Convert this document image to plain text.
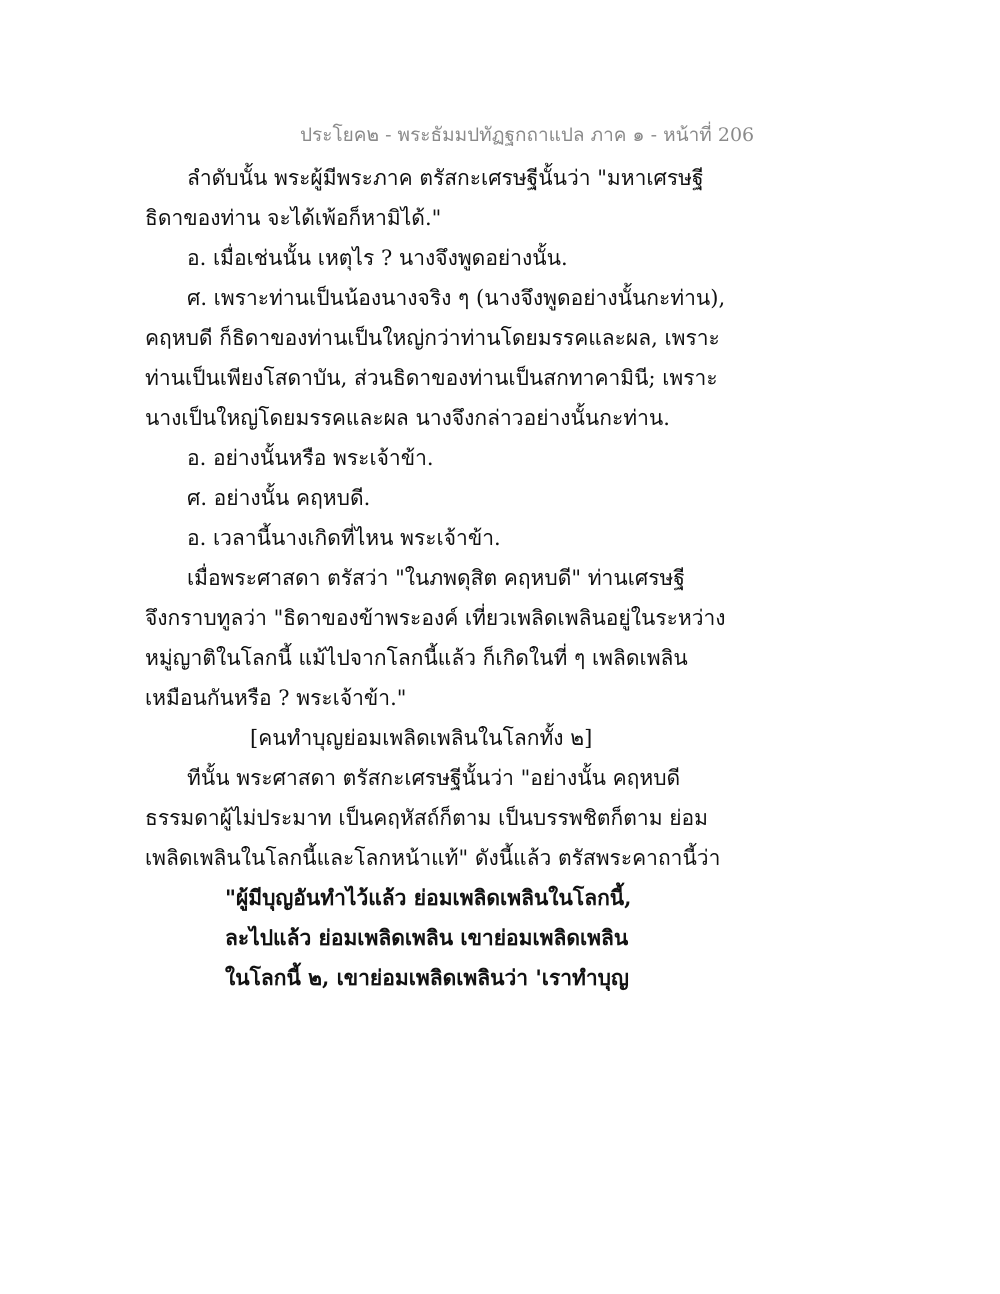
ประโยค๒ - พระธัมมปทัฏฐกถาแปล ภาค ๑ - หน้าที่ 206
ลำดับนั้น พระผู้มีพระภาค ตรัสกะเศรษฐีนั้นว่า "มหาเศรษฐี
ธิดาของท่าน จะได้เพ้อก็หามิได้."
อ. เมื่อเช่นนั้น เหตุไร ? นางจึงพูดอย่างนั้น.
ศ. เพราะท่านเป็นน้องนางจริง ๆ (นางจึงพูดอย่างนั้นกะท่าน),
คฤหบดี ก็ธิดาของท่านเป็นใหญ่กว่าท่านโดยมรรคและผล, เพราะ
ท่านเป็นเพียงโสดาบัน, ส่วนธิดาของท่านเป็นสกทาคามินี; เพราะ
นางเป็นใหญ่โดยมรรคและผล นางจึงกล่าวอย่างนั้นกะท่าน.
อ. อย่างนั้นหรือ พระเจ้าข้า.
ศ. อย่างนั้น คฤหบดี.
อ. เวลานี้นางเกิดที่ไหน พระเจ้าข้า.
เมื่อพระศาสดา ตรัสว่า "ในภพดุสิต คฤหบดี" ท่านเศรษฐี
จึงกราบทูลว่า "ธิดาของข้าพระองค์ เที่ยวเพลิดเพลินอยู่ในระหว่าง
หมู่ญาติในโลกนี้ แม้ไปจากโลกนี้แล้ว ก็เกิดในที่ ๆ เพลิดเพลิน
เหมือนกันหรือ ? พระเจ้าข้า."
[คนทำบุญย่อมเพลิดเพลินในโลกทั้ง ๒]
ทีนั้น พระศาสดา ตรัสกะเศรษฐีนั้นว่า "อย่างนั้น คฤหบดี
ธรรมดาผู้ไม่ประมาท เป็นคฤหัสถ์ก็ตาม เป็นบรรพชิตก็ตาม ย่อม
เพลิดเพลินในโลกนี้และโลกหน้าแท้" ดังนี้แล้ว ตรัสพระคาถานี้ว่า
"ผู้มีบุญอันทำไว้แล้ว ย่อมเพลิดเพลินในโลกนี้,
ละไปแล้ว ย่อมเพลิดเพลิน เขาย่อมเพลิดเพลิน
ในโลกนี้ ๒, เขาย่อมเพลิดเพลินว่า 'เราทำบุญ
